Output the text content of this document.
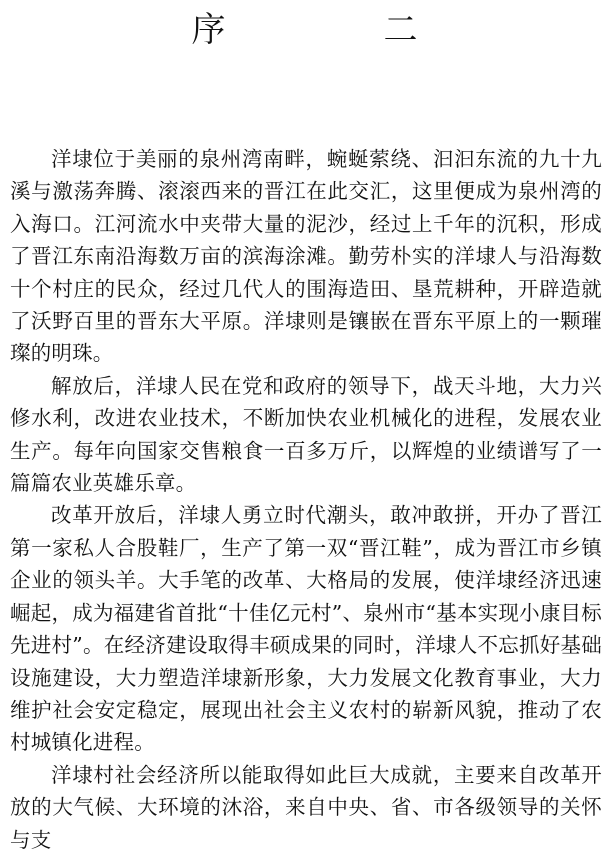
序　二

洋埭位于美丽的泉州湾南畔，蜿蜒萦绕、汩汩东流的九十九溪与激荡奔腾、滚滚西来的晋江在此交汇，这里便成为泉州湾的入海口。江河流水中夹带大量的泥沙，经过上千年的沉积，形成了晋江东南沿海数万亩的滨海涂滩。勤劳朴实的洋埭人与沿海数十个村庄的民众，经过几代人的围海造田、垦荒耕种，开辟造就了沃野百里的晋东大平原。洋埭则是镶嵌在晋东平原上的一颗璀璨的明珠。

解放后，洋埭人民在党和政府的领导下，战天斗地，大力兴修水利，改进农业技术，不断加快农业机械化的进程，发展农业生产。每年向国家交售粮食一百多万斤，以辉煌的业绩谱写了一篇篇农业英雄乐章。

改革开放后，洋埭人勇立时代潮头，敢冲敢拼，开办了晋江第一家私人合股鞋厂，生产了第一双“晋江鞋”，成为晋江市乡镇企业的领头羊。大手笔的改革、大格局的发展，使洋埭经济迅速崛起，成为福建省首批“十佳亿元村”、泉州市“基本实现小康目标先进村”。在经济建设取得丰硕成果的同时，洋埭人不忘抓好基础设施建设，大力塑造洋埭新形象，大力发展文化教育事业，大力维护社会安定稳定，展现出社会主义农村的崭新风貌，推动了农村城镇化进程。

洋埭村社会经济所以能取得如此巨大成就，主要来自改革开放的大气候、大环境的沐浴，来自中央、省、市各级领导的关怀与支
